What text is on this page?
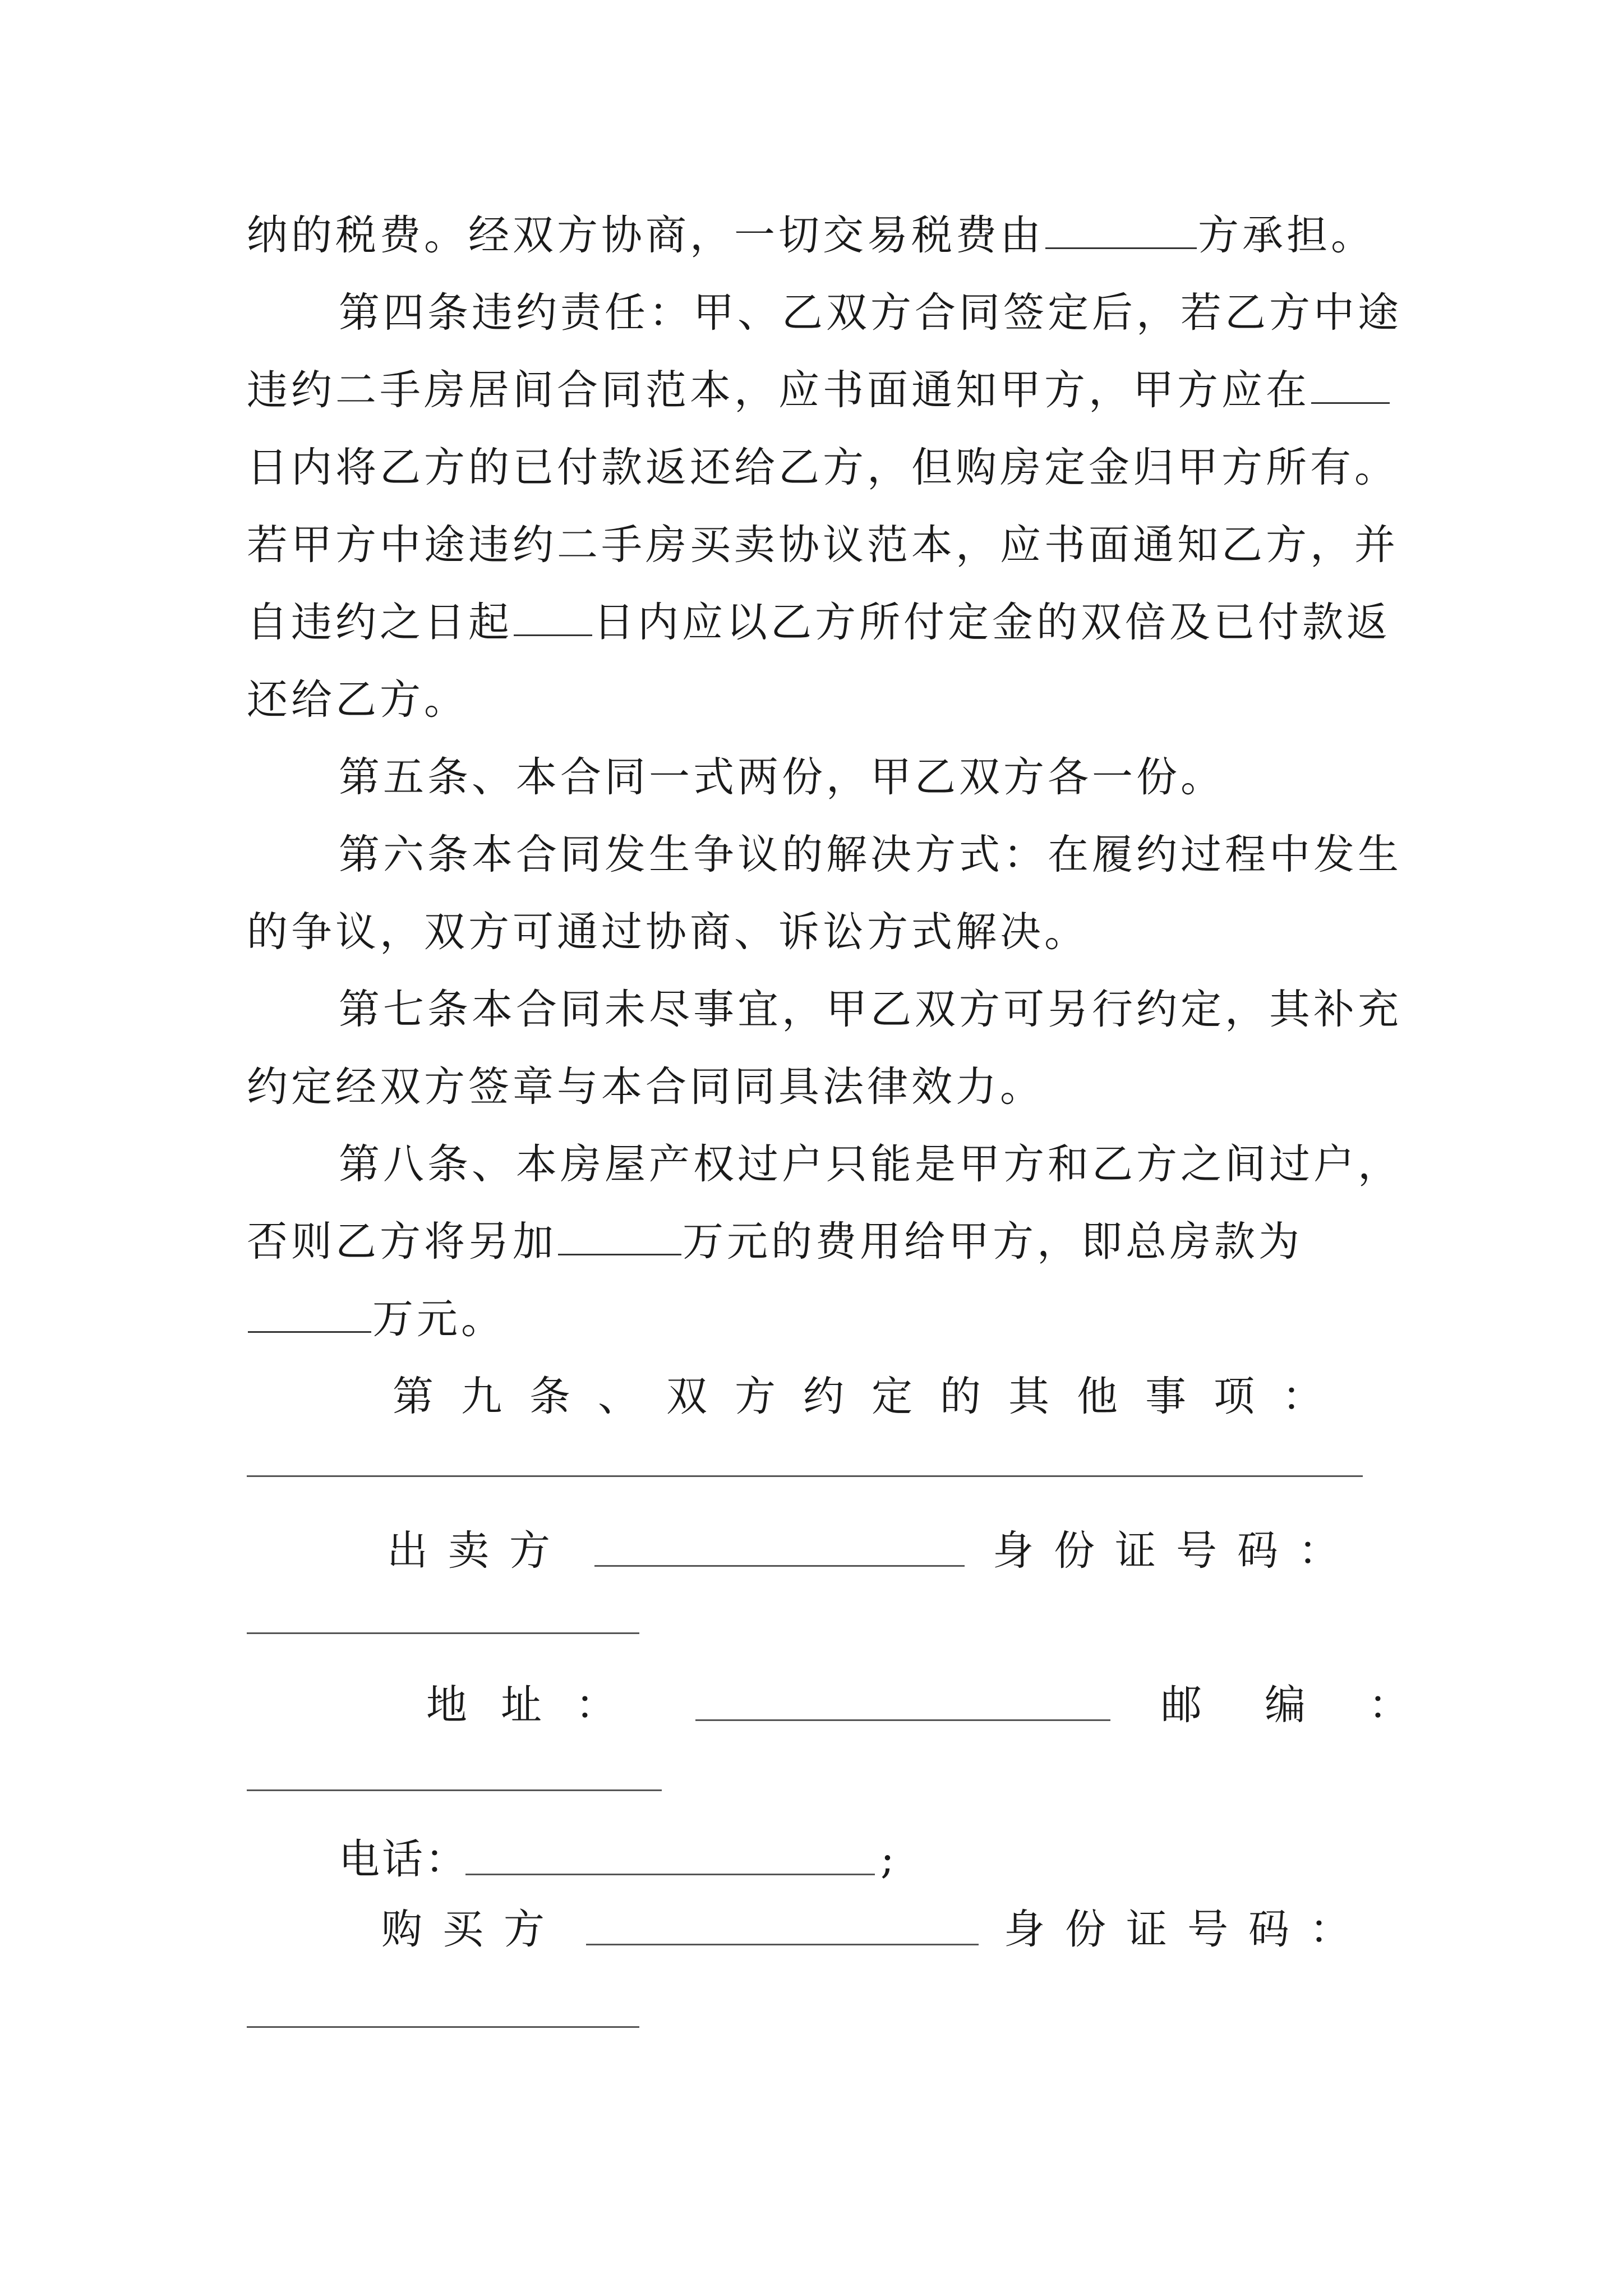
纳的税费。经双方协商，一切交易税费由	方承担。
第四条违约责任：甲、乙双方合同签定后，若乙方中途
违约二手房居间合同范本，应书面通知甲方，甲方应在
日内将乙方的已付款返还给乙方，但购房定金归甲方所有。
若甲方中途违约二手房买卖协议范本，应书面通知乙方，并
自违约之日起 日内应以乙方所付定金的双倍及已付款返
还给乙方。
第五条、本合同一式两份，甲乙双方各一份。
第六条本合同发生争议的解决方式：在履约过程中发生
的争议，双方可通过协商、诉讼方式解决。
第七条本合同未尽事宜，甲乙双方可另行约定，其补充
约定经双方签章与本合同同具法律效力。
第八条、本房屋产权过户只能是甲方和乙方之间过户，
否则乙方将另加	万元的费用给甲方，即总房款为
万元。
第九条、双方约定的其他事项：
出卖方	身份证号码：
地址：	邮编：
电话：	;
购买方	身份证号码：
